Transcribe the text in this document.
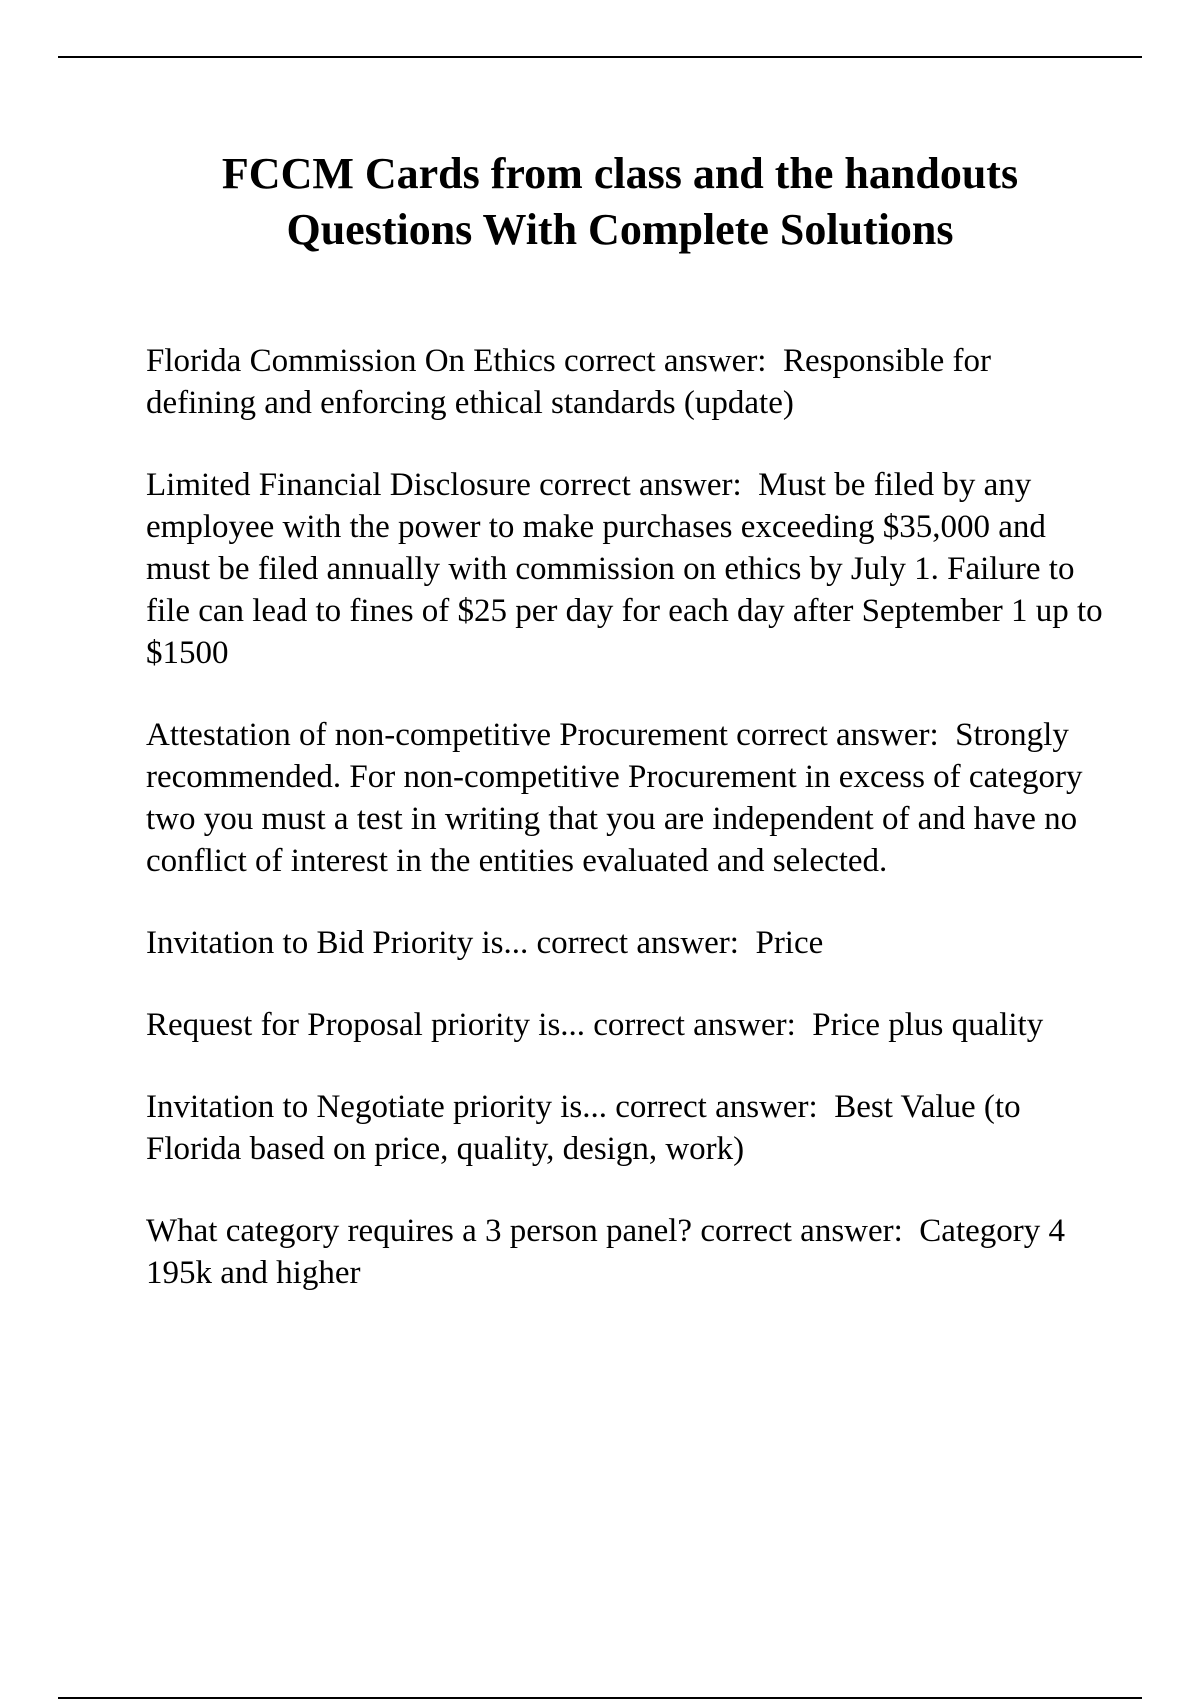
FCCM Cards from class and the handouts
Questions With Complete Solutions

Florida Commission On Ethics correct answer:  Responsible for defining and enforcing ethical standards (update)

Limited Financial Disclosure correct answer:  Must be filed by any employee with the power to make purchases exceeding $35,000 and must be filed annually with commission on ethics by July 1. Failure to file can lead to fines of $25 per day for each day after September 1 up to $1500

Attestation of non-competitive Procurement correct answer:  Strongly recommended. For non-competitive Procurement in excess of category two you must a test in writing that you are independent of and have no conflict of interest in the entities evaluated and selected.

Invitation to Bid Priority is... correct answer:  Price

Request for Proposal priority is... correct answer:  Price plus quality

Invitation to Negotiate priority is... correct answer:  Best Value (to Florida based on price, quality, design, work)

What category requires a 3 person panel? correct answer:  Category 4 195k and higher
